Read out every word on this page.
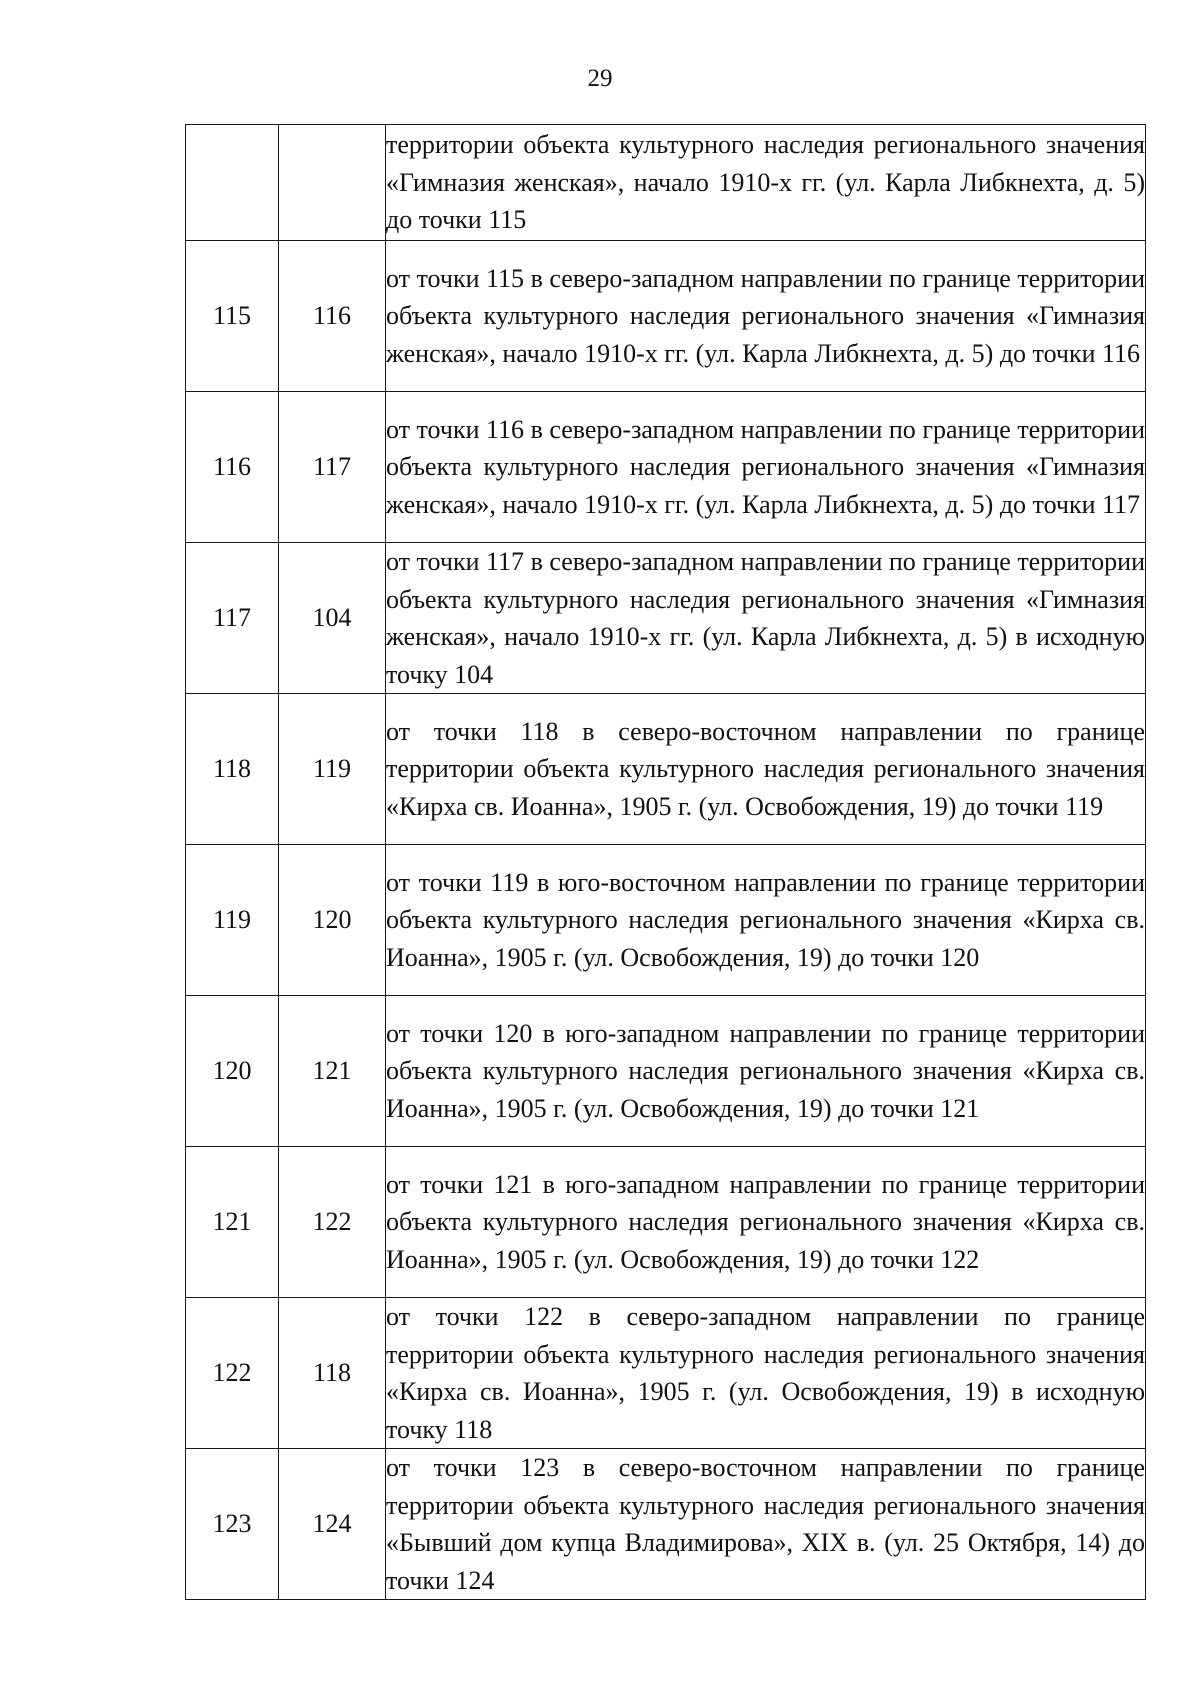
29
		территории объекта культурного наследия регионального значения «Гимназия женская», начало 1910-х гг. (ул. Карла Либкнехта, д. 5) до точки 115
115	116	от точки 115 в северо-западном направлении по границе территории объекта культурного наследия регионального значения «Гимназия женская», начало 1910-х гг. (ул. Карла Либкнехта, д. 5) до точки 116
116	117	от точки 116 в северо-западном направлении по границе территории объекта культурного наследия регионального значения «Гимназия женская», начало 1910-х гг. (ул. Карла Либкнехта, д. 5) до точки 117
117	104	от точки 117 в северо-западном направлении по границе территории объекта культурного наследия регионального значения «Гимназия женская», начало 1910-х гг. (ул. Карла Либкнехта, д. 5) в исходную точку 104
118	119	от точки 118 в северо-восточном направлении по границе территории объекта культурного наследия регионального значения «Кирха св. Иоанна», 1905 г. (ул. Освобождения, 19) до точки 119
119	120	от точки 119 в юго-восточном направлении по границе территории объекта культурного наследия регионального значения «Кирха св. Иоанна», 1905 г. (ул. Освобождения, 19) до точки 120
120	121	от точки 120 в юго-западном направлении по границе территории объекта культурного наследия регионального значения «Кирха св. Иоанна», 1905 г. (ул. Освобождения, 19) до точки 121
121	122	от точки 121 в юго-западном направлении по границе территории объекта культурного наследия регионального значения «Кирха св. Иоанна», 1905 г. (ул. Освобождения, 19) до точки 122
122	118	от точки 122 в северо-западном направлении по границе территории объекта культурного наследия регионального значения «Кирха св. Иоанна», 1905 г. (ул. Освобождения, 19) в исходную точку 118
123	124	от точки 123 в северо-восточном направлении по границе территории объекта культурного наследия регионального значения «Бывший дом купца Владимирова», XIX в. (ул. 25 Октября, 14) до точки 124
